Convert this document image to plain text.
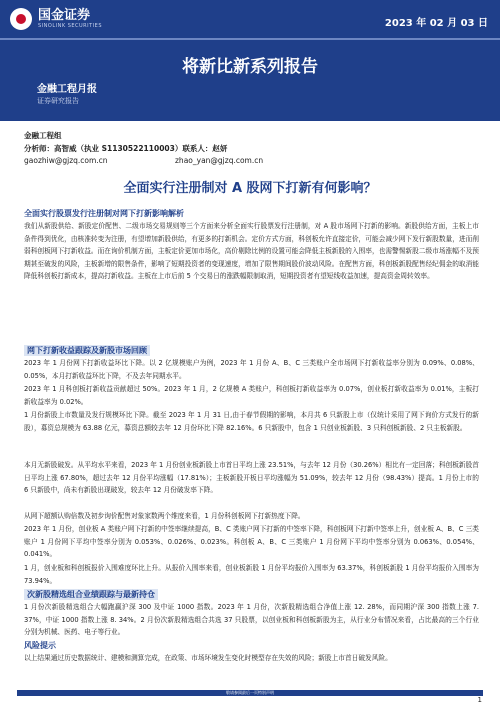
国金证券
SINOLINK SECURITIES	2023 年 02 月 03 日
将新比新系列报告
金融工程月报
证券研究报告
金融工程组
分析师：高智威（执业 S1130522110003）联系人：赵妍
gaozhiw@gjzq.com.cn	zhao_yan@gjzq.com.cn
全面实行注册制对 A 股网下打新有何影响？
全面实行股票发行注册制对网下打新影响解析
我们从新股供给、新股定价配售、二级市场交易规则等三个方面来分析全面实行股票发行注册制，对 A 股市场网下打新的影响。新股供给方面，主板上市条件得到优化，由核准转变为注册，有望增加新股供给，有更多的打新机会。定价方式方面，科创板允许直接定价，可能会减少网下发行新股数量，进而削弱科创板网下打新收益。而在询价机制方面，主板定价更加市场化，高价剔除比例的设置可能会降低主板新股的入围率，也需警惕新股二级市场涨幅不及预期甚至破发的风险，主板新增的限售条件，影响了短期投资者的变现速度，增加了限售期间股价波动风险。在配售方面，科创板新股配售经纪佣金的取消能降低科创板打新成本，提高打新收益。主板在上市后前 5 个交易日的涨跌幅限制取消，短期投资者有望短线收益加速，提高资金周转效率。
网下打新收益跟踪及新股市场回顾
2023 年 1 月份网下打新收益环比下降。以 2 亿规模账户为例，2023 年 1 月份 A、B、C 三类账户全市场网下打新收益率分别为 0.09%、0.08%、0.05%，本月打新收益环比下降，不及去年同期水平。
2023 年 1 月科创板打新收益贡献超过 50%。2023 年 1 月，2 亿规模 A 类账户，科创板打新收益率为 0.07%，创业板打新收益率为 0.01%，主板打新收益率为 0.02%。
1 月份新股上市数量及发行规模环比下降。截至 2023 年 1 月 31 日,由于春节假期的影响，本月共 6 只新股上市（仅统计采用了网下询价方式发行的新股），募资总规模为 63.88 亿元，募资总额较去年 12 月份环比下降 82.16%。6 只新股中，包含 1 只创业板新股、3 只科创板新股、2 只主板新股。
本月无新股破发。从平均水平来看，2023 年 1 月份创业板新股上市首日平均上涨 23.51%，与去年 12 月份（30.26%）相比有一定回落；科创板新股首日平均上涨 67.80%，超过去年 12 月份平均涨幅（17.81%）；主板新股开板日平均涨幅为 51.09%，较去年 12 月份（98.43%）提高。1 月份上市的 6 只新股中，尚未有新股出现破发，较去年 12 月份破发率下降。
从网下超额认购倍数及初步询价配售对象家数两个维度来看，1 月份科创板网下打新热度下降。
2023 年 1 月份，创业板 A 类账户网下打新的中签率继续提高，B、C 类账户网下打新的中签率下降，科创板网下打新中签率上升，创业板 A、B、C 三类账户 1 月份网下平均中签率分别为 0.053%、0.026%、0.023%。科创板 A、B、C 三类账户 1 月份网下平均中签率分别为 0.063%、0.054%、0.041%。
1 月，创业板和科创板报价入围难度环比上升。从报价入围率来看，创业板新股 1 月份平均报价入围率为 63.37%，科创板新股 1 月份平均报价入围率为 73.94%。
次新股精选组合业绩跟踪与最新持仓
1 月份次新股精选组合大幅跑赢沪深 300 及中证 1000 指数。2023 年 1 月份，次新股精选组合净值上涨 12. 28%，而同期沪深 300 指数上涨 7. 37%，中证 1000 指数上涨 8. 34%。2 月份次新股精选组合共选 37 只股票，以创业板和科创板新股为主，从行业分布情况来看，占比最高的三个行业分别为机械、医药、电子等行业。
风险提示
以上结果通过历史数据统计、建模和测算完成，在政策、市场环境发生变化时模型存在失效的风险；新股上市首日破发风险。
敬请参阅最后一页特别声明
1
